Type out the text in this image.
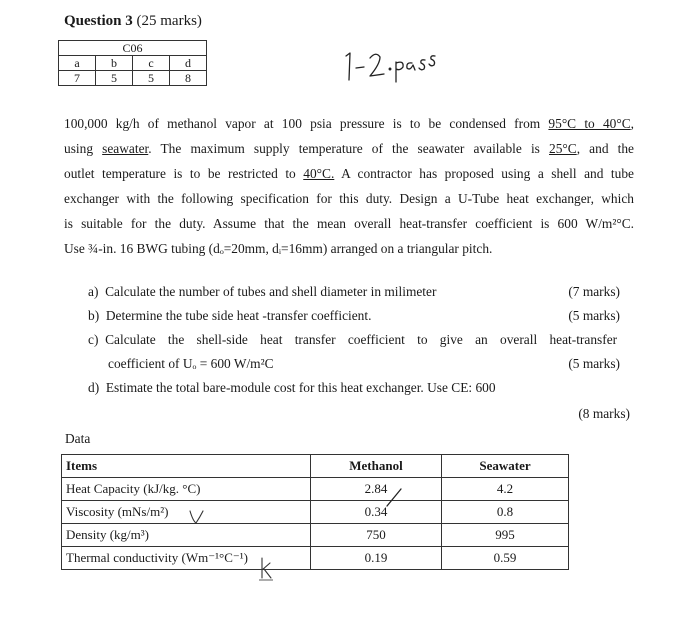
Question 3 (25 marks)
C06			
a	b	c	d
7	5	5	8
100,000 kg/h of methanol vapor at 100 psia pressure is to be condensed from 95°C to 40°C,
using seawater. The maximum supply temperature of the seawater available is 25°C, and the
outlet temperature is to be restricted to 40°C. A contractor has proposed using a shell and tube
exchanger with the following specification for this duty. Design a U-Tube heat exchanger, which
is suitable for the duty. Assume that the mean overall heat-transfer coefficient is 600 W/m²°C.
Use ¾-in. 16 BWG tubing (dₒ=20mm, dᵢ=16mm) arranged on a triangular pitch.
a) Calculate the number of tubes and shell diameter in milimeter	(7 marks)
b) Determine the tube side heat -transfer coefficient.	(5 marks)
c) Calculate the shell-side heat transfer coefficient to give an overall heat-transfer
coefficient of Uₒ = 600 W/m²C	(5 marks)
d) Estimate the total bare-module cost for this heat exchanger. Use CE: 600
(8 marks)
Data
Items	Methanol	Seawater
Heat Capacity (kJ/kg. °C)	2.84	4.2
Viscosity (mNs/m²)	0.34	0.8
Density (kg/m³)	750	995
Thermal conductivity (Wm⁻¹°C⁻¹)	0.19	0.59
